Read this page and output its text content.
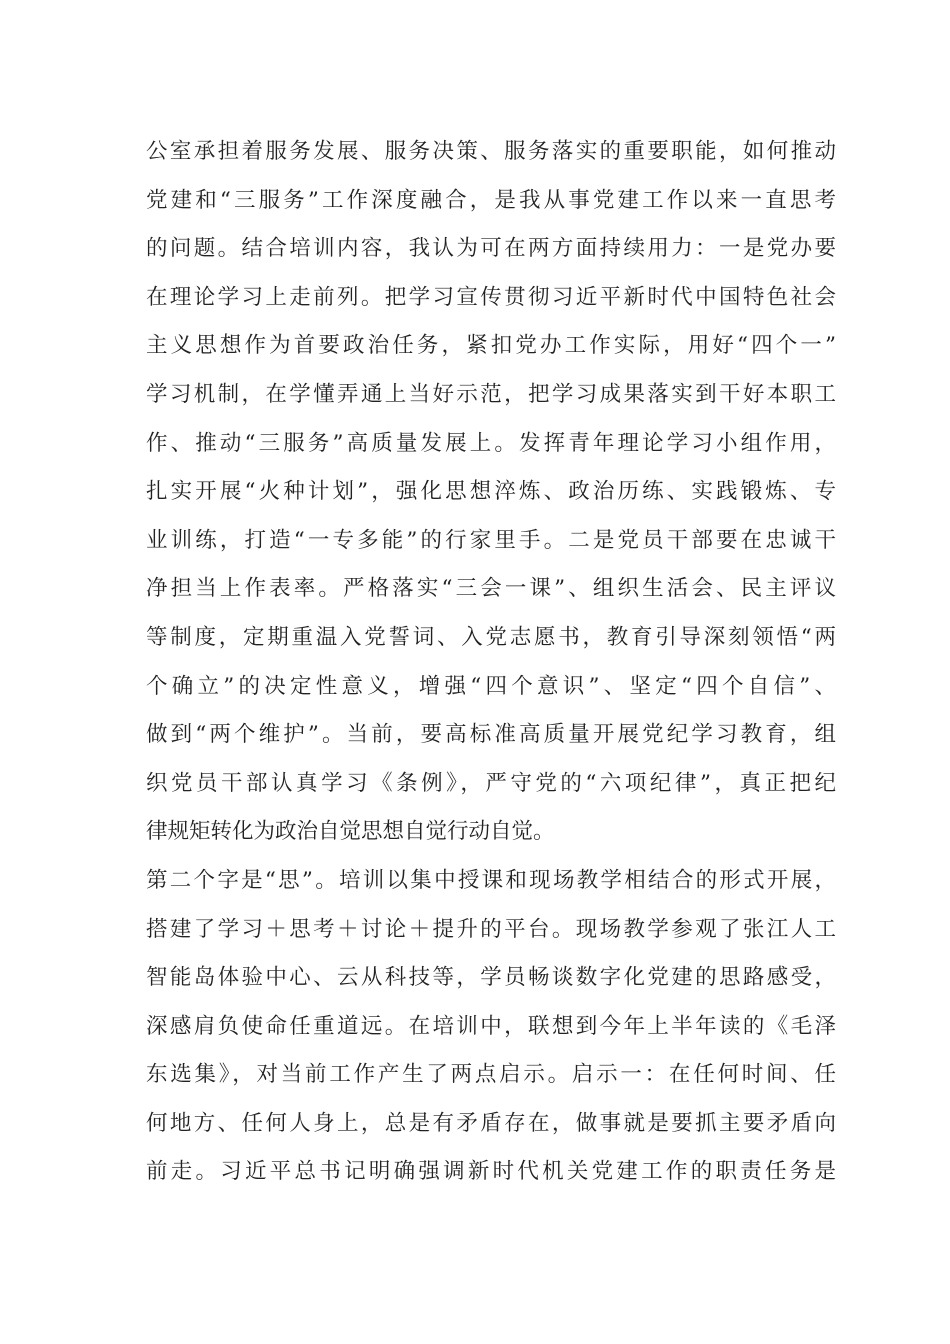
公室承担着服务发展、服务决策、服务落实的重要职能，如何推动
党建和“三服务”工作深度融合，是我从事党建工作以来一直思考
的问题。结合培训内容，我认为可在两方面持续用力：一是党办要
在理论学习上走前列。把学习宣传贯彻习近平新时代中国特色社会
主义思想作为首要政治任务，紧扣党办工作实际，用好“四个一”
学习机制，在学懂弄通上当好示范，把学习成果落实到干好本职工
作、推动“三服务”高质量发展上。发挥青年理论学习小组作用，
扎实开展“火种计划”，强化思想淬炼、政治历练、实践锻炼、专
业训练，打造“一专多能”的行家里手。二是党员干部要在忠诚干
净担当上作表率。严格落实“三会一课”、组织生活会、民主评议
等制度，定期重温入党誓词、入党志愿书，教育引导深刻领悟“两
个确立”的决定性意义，增强“四个意识”、坚定“四个自信”、
做到“两个维护”。当前，要高标准高质量开展党纪学习教育，组
织党员干部认真学习《条例》，严守党的“六项纪律”，真正把纪
律规矩转化为政治自觉思想自觉行动自觉。
第二个字是“思”。培训以集中授课和现场教学相结合的形式开展，
搭建了学习＋思考＋讨论＋提升的平台。现场教学参观了张江人工
智能岛体验中心、云从科技等，学员畅谈数字化党建的思路感受，
深感肩负使命任重道远。在培训中，联想到今年上半年读的《毛泽
东选集》，对当前工作产生了两点启示。启示一：在任何时间、任
何地方、任何人身上，总是有矛盾存在，做事就是要抓主要矛盾向
前走。习近平总书记明确强调新时代机关党建工作的职责任务是
